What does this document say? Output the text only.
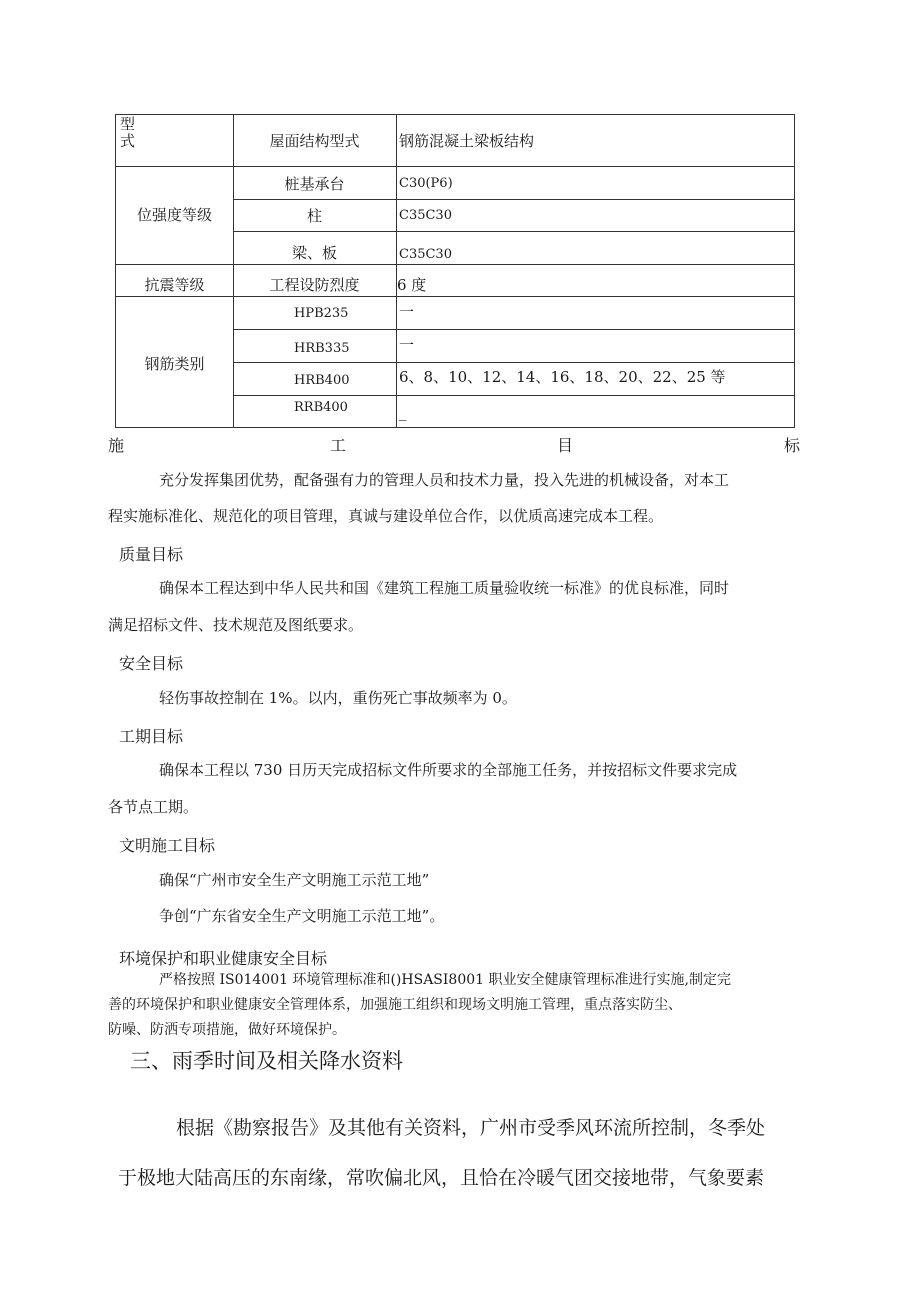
型
式	屋面结构型式	钢筋混凝土梁板结构
位强度等级
桩基承台	C30(P6)
柱	C35C30
梁、板	C35C30
抗震等级	工程设防烈度	6 度
钢筋类别
HPB235	一
HRB335	一
HRB400	6、8、10、12、14、16、18、20、22、25 等
RRB400	_
施	工	目	标
充分发挥集团优势，配备强有力的管理人员和技术力量，投入先进的机械设备，对本工
程实施标准化、规范化的项目管理，真诚与建设单位合作，以优质高速完成本工程。
质量目标
确保本工程达到中华人民共和国《建筑工程施工质量验收统一标准》的优良标准，同时
满足招标文件、技术规范及图纸要求。
安全目标
轻伤事故控制在 1%。以内，重伤死亡事故频率为 0。
工期目标
确保本工程以 730 日历天完成招标文件所要求的全部施工任务，并按招标文件要求完成
各节点工期。
文明施工目标
确保“广州市安全生产文明施工示范工地”
争创“广东省安全生产文明施工示范工地”。
环境保护和职业健康安全目标
严格按照 IS014001 环境管理标准和()HSASI8001 职业安全健康管理标准进行实施,制定完
善的环境保护和职业健康安全管理体系，加强施工组织和现场文明施工管理，重点落实防尘、
防噪、防洒专项措施，做好环境保护。
三、雨季时间及相关降水资料
根据《勘察报告》及其他有关资料，广州市受季风环流所控制，冬季处
于极地大陆高压的东南缘，常吹偏北风，且恰在冷暖气团交接地带，气象要素
